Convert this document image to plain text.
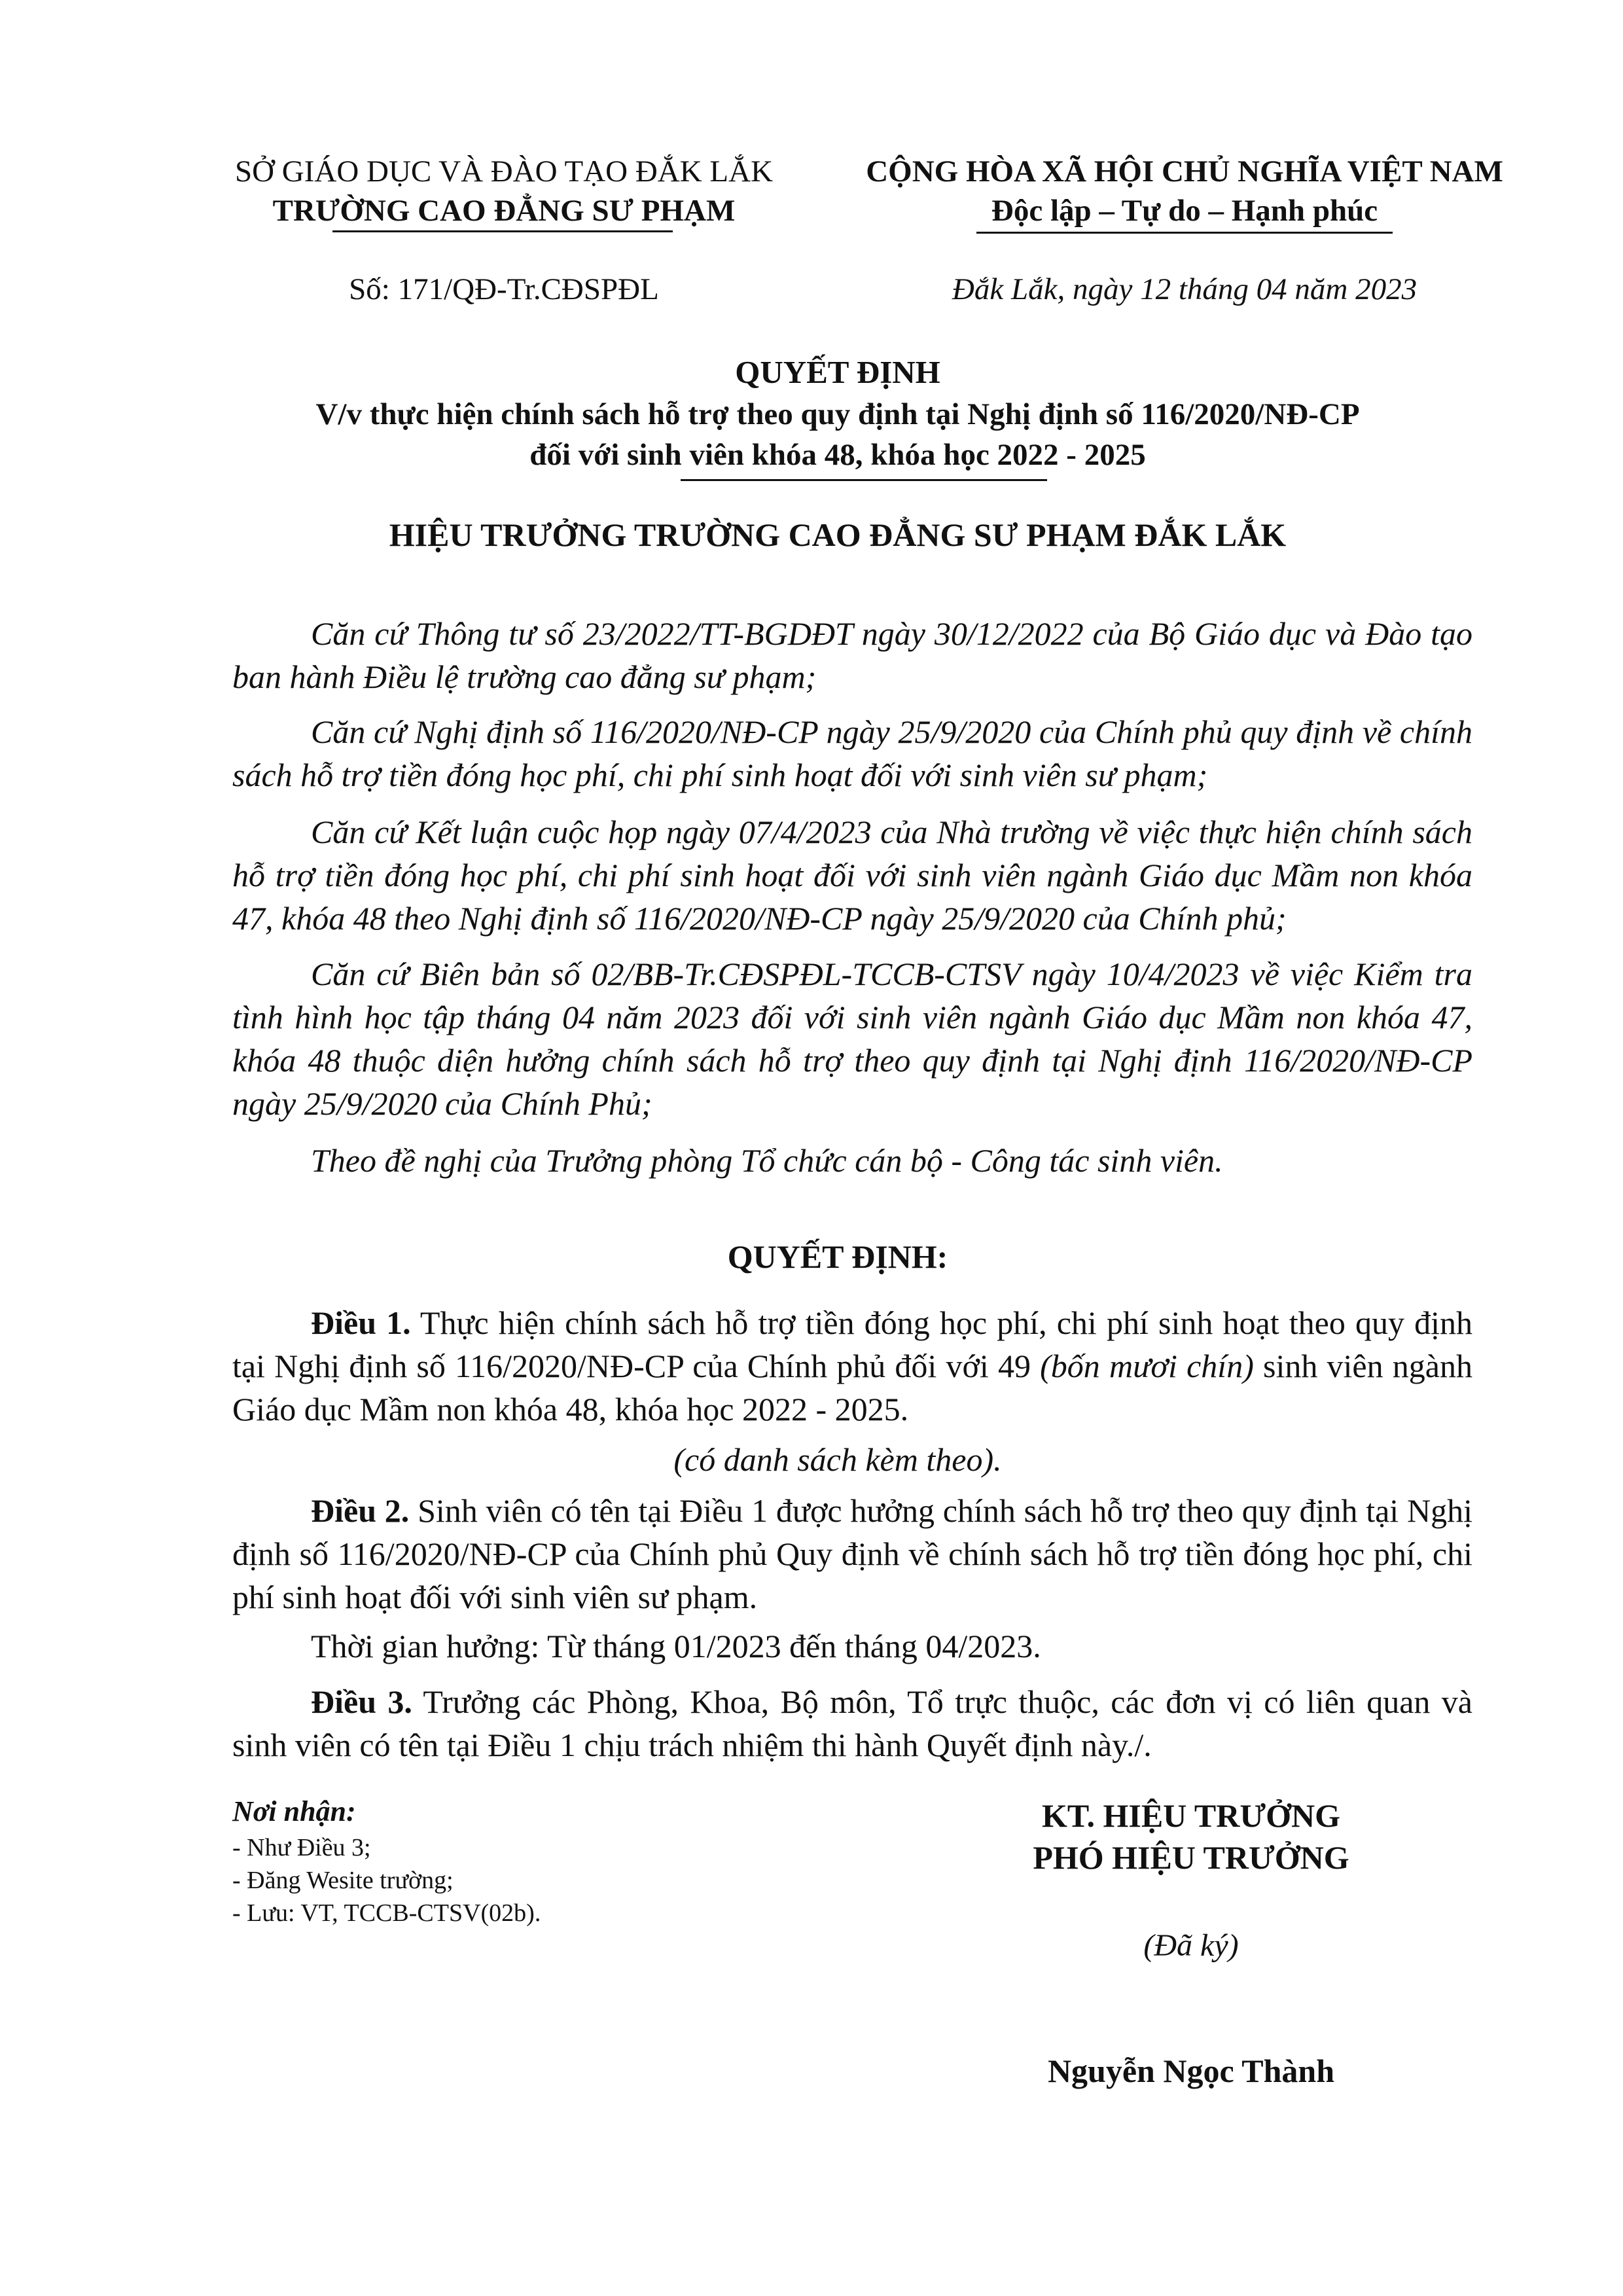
SỞ GIÁO DỤC VÀ ĐÀO TẠO ĐẮK LẮK
TRƯỜNG CAO ĐẲNG SƯ PHẠM
CỘNG HÒA XÃ HỘI CHỦ NGHĨA VIỆT NAM
Độc lập – Tự do – Hạnh phúc
Số: 171/QĐ-Tr.CĐSPĐL	Đắk Lắk, ngày 12 tháng 04 năm 2023
QUYẾT ĐỊNH
V/v thực hiện chính sách hỗ trợ theo quy định tại Nghị định số 116/2020/NĐ-CP
đối với sinh viên khóa 48, khóa học 2022 - 2025
HIỆU TRƯỞNG TRƯỜNG CAO ĐẲNG SƯ PHẠM ĐẮK LẮK
Căn cứ Thông tư số 23/2022/TT-BGDĐT ngày 30/12/2022 của Bộ Giáo dục và Đào tạo ban hành Điều lệ trường cao đẳng sư phạm;
Căn cứ Nghị định số 116/2020/NĐ-CP ngày 25/9/2020 của Chính phủ quy định về chính sách hỗ trợ tiền đóng học phí, chi phí sinh hoạt đối với sinh viên sư phạm;
Căn cứ Kết luận cuộc họp ngày 07/4/2023 của Nhà trường về việc thực hiện chính sách hỗ trợ tiền đóng học phí, chi phí sinh hoạt đối với sinh viên ngành Giáo dục Mầm non khóa 47, khóa 48 theo Nghị định số 116/2020/NĐ-CP ngày 25/9/2020 của Chính phủ;
Căn cứ Biên bản số 02/BB-Tr.CĐSPĐL-TCCB-CTSV ngày 10/4/2023 về việc Kiểm tra tình hình học tập tháng 04 năm 2023 đối với sinh viên ngành Giáo dục Mầm non khóa 47, khóa 48 thuộc diện hưởng chính sách hỗ trợ theo quy định tại Nghị định 116/2020/NĐ-CP ngày 25/9/2020 của Chính Phủ;
Theo đề nghị của Trưởng phòng Tổ chức cán bộ - Công tác sinh viên.
QUYẾT ĐỊNH:
Điều 1. Thực hiện chính sách hỗ trợ tiền đóng học phí, chi phí sinh hoạt theo quy định tại Nghị định số 116/2020/NĐ-CP của Chính phủ đối với 49 (bốn mươi chín) sinh viên ngành Giáo dục Mầm non khóa 48, khóa học 2022 - 2025.
(có danh sách kèm theo).
Điều 2. Sinh viên có tên tại Điều 1 được hưởng chính sách hỗ trợ theo quy định tại Nghị định số 116/2020/NĐ-CP của Chính phủ Quy định về chính sách hỗ trợ tiền đóng học phí, chi phí sinh hoạt đối với sinh viên sư phạm.
Thời gian hưởng: Từ tháng 01/2023 đến tháng 04/2023.
Điều 3. Trưởng các Phòng, Khoa, Bộ môn, Tổ trực thuộc, các đơn vị có liên quan và sinh viên có tên tại Điều 1 chịu trách nhiệm thi hành Quyết định này./.
Nơi nhận:
- Như Điều 3;
- Đăng Wesite trường;
- Lưu: VT, TCCB-CTSV(02b).
KT. HIỆU TRƯỞNG
PHÓ HIỆU TRƯỞNG
(Đã ký)
Nguyễn Ngọc Thành
